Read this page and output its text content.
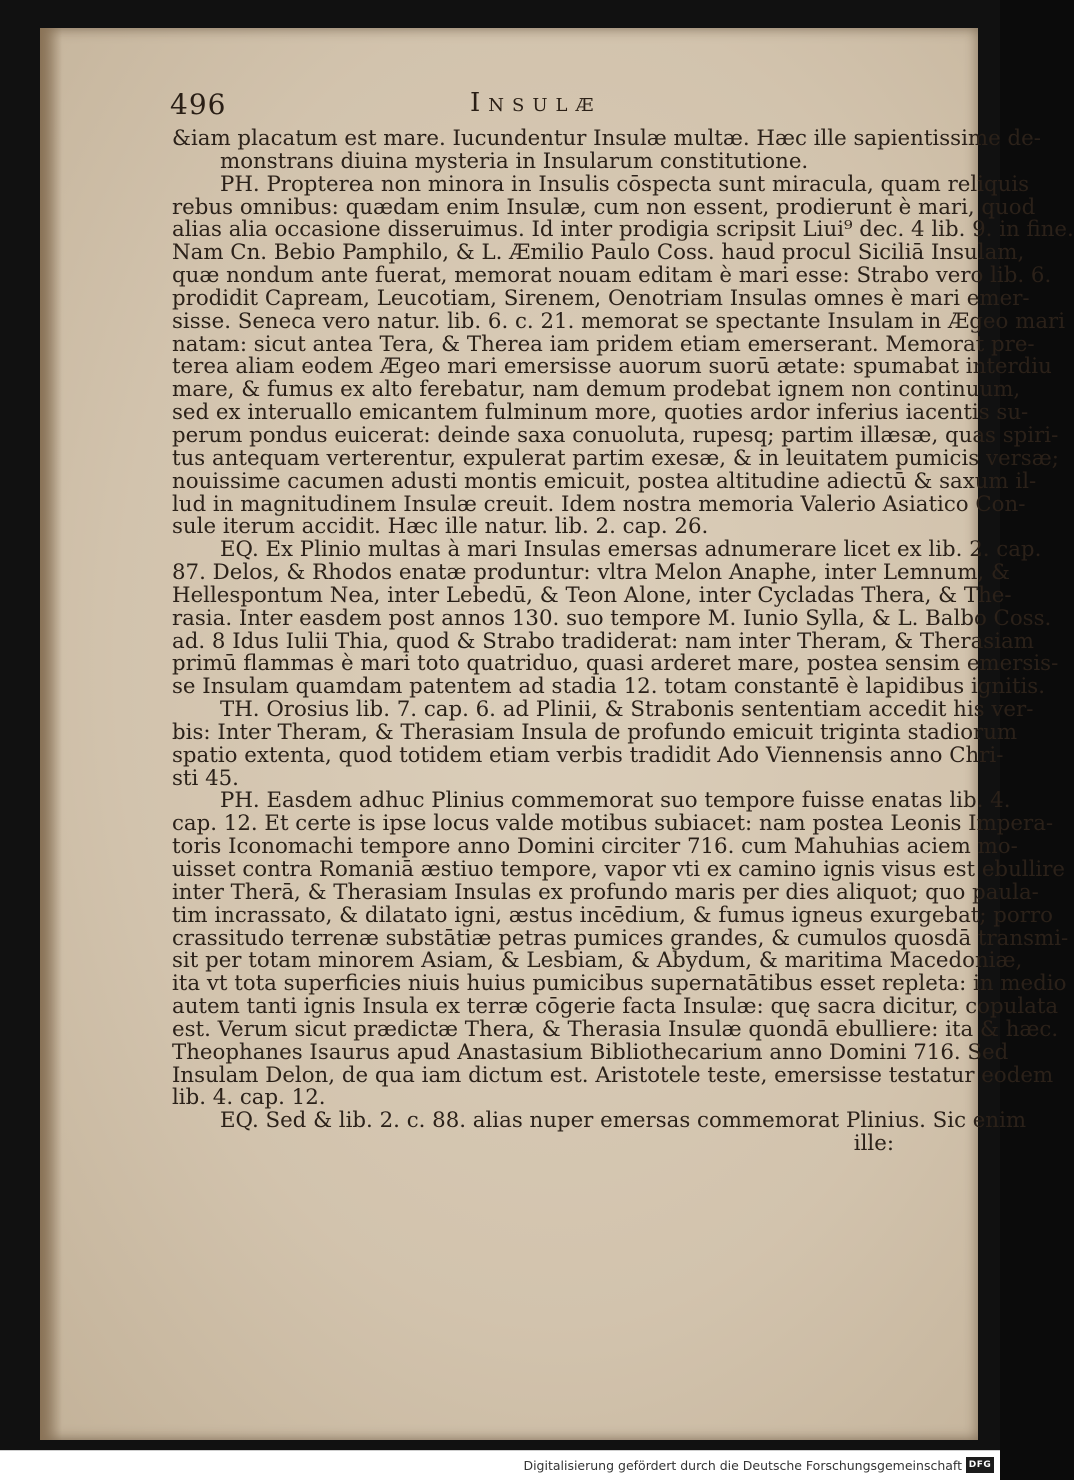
496	Insulæ
&iam placatum est mare. Iucundentur Insulæ multæ. Hæc ille sapientissime de-
monstrans diuina mysteria in Insularum constitutione.
PH. Propterea non minora in Insulis cōspecta sunt miracula, quam reliquis
rebus omnibus: quædam enim Insulæ, cum non essent, prodierunt è mari, quod
alias alia occasione disseruimus. Id inter prodigia scripsit Liui⁹ dec. 4 lib. 9. in fine.
Nam Cn. Bebio Pamphilo, & L. Æmilio Paulo Coss. haud procul Siciliā Insulam,
quæ nondum ante fuerat, memorat nouam editam è mari esse: Strabo vero lib. 6.
prodidit Capream, Leucotiam, Sirenem, Oenotriam Insulas omnes è mari emer-
sisse. Seneca vero natur. lib. 6. c. 21. memorat se spectante Insulam in Ægeo mari
natam: sicut antea Tera, & Therea iam pridem etiam emerserant. Memorat pre-
terea aliam eodem Ægeo mari emersisse auorum suorū ætate: spumabat interdiu
mare, & fumus ex alto ferebatur, nam demum prodebat ignem non continuum,
sed ex interuallo emicantem fulminum more, quoties ardor inferius iacentis su-
perum pondus euicerat: deinde saxa conuoluta, rupesq; partim illæsæ, quas spiri-
tus antequam verterentur, expulerat partim exesæ, & in leuitatem pumicis versæ;
nouissime cacumen adusti montis emicuit, postea altitudine adiectū & saxum il-
lud in magnitudinem Insulæ creuit. Idem nostra memoria Valerio Asiatico Con-
sule iterum accidit. Hæc ille natur. lib. 2. cap. 26.
EQ. Ex Plinio multas à mari Insulas emersas adnumerare licet ex lib. 2. cap.
87. Delos, & Rhodos enatæ produntur: vltra Melon Anaphe, inter Lemnum, &
Hellespontum Nea, inter Lebedū, & Teon Alone, inter Cycladas Thera, & The-
rasia. Inter easdem post annos 130. suo tempore M. Iunio Sylla, & L. Balbo Coss.
ad. 8 Idus Iulii Thia, quod & Strabo tradiderat: nam inter Theram, & Therasiam
primū flammas è mari toto quatriduo, quasi arderet mare, postea sensim emersis-
se Insulam quamdam patentem ad stadia 12. totam constantē è lapidibus ignitis.
TH. Orosius lib. 7. cap. 6. ad Plinii, & Strabonis sententiam accedit his ver-
bis: Inter Theram, & Therasiam Insula de profundo emicuit triginta stadiorum
spatio extenta, quod totidem etiam verbis tradidit Ado Viennensis anno Chri-
sti 45.
PH. Easdem adhuc Plinius commemorat suo tempore fuisse enatas lib. 4.
cap. 12. Et certe is ipse locus valde motibus subiacet: nam postea Leonis Impera-
toris Iconomachi tempore anno Domini circiter 716. cum Mahuhias aciem mo-
uisset contra Romaniā æstiuo tempore, vapor vti ex camino ignis visus est ebullire
inter Therā, & Therasiam Insulas ex profundo maris per dies aliquot; quo paula-
tim incrassato, & dilatato igni, æstus incēdium, & fumus igneus exurgebat; porro
crassitudo terrenæ substātiæ petras pumices grandes, & cumulos quosdā transmi-
sit per totam minorem Asiam, & Lesbiam, & Abydum, & maritima Macedoniæ,
ita vt tota superficies niuis huius pumicibus supernatātibus esset repleta: in medio
autem tanti ignis Insula ex terræ cōgerie facta Insulæ: quę sacra dicitur, copulata
est. Verum sicut prædictæ Thera, & Therasia Insulæ quondā ebulliere: ita & hæc.
Theophanes Isaurus apud Anastasium Bibliothecarium anno Domini 716. Sed
Insulam Delon, de qua iam dictum est. Aristotele teste, emersisse testatur eodem
lib. 4. cap. 12.
EQ. Sed & lib. 2. c. 88. alias nuper emersas commemorat Plinius. Sic enim
ille:
Digitalisierung gefördert durch die Deutsche Forschungsgemeinschaft DFG
